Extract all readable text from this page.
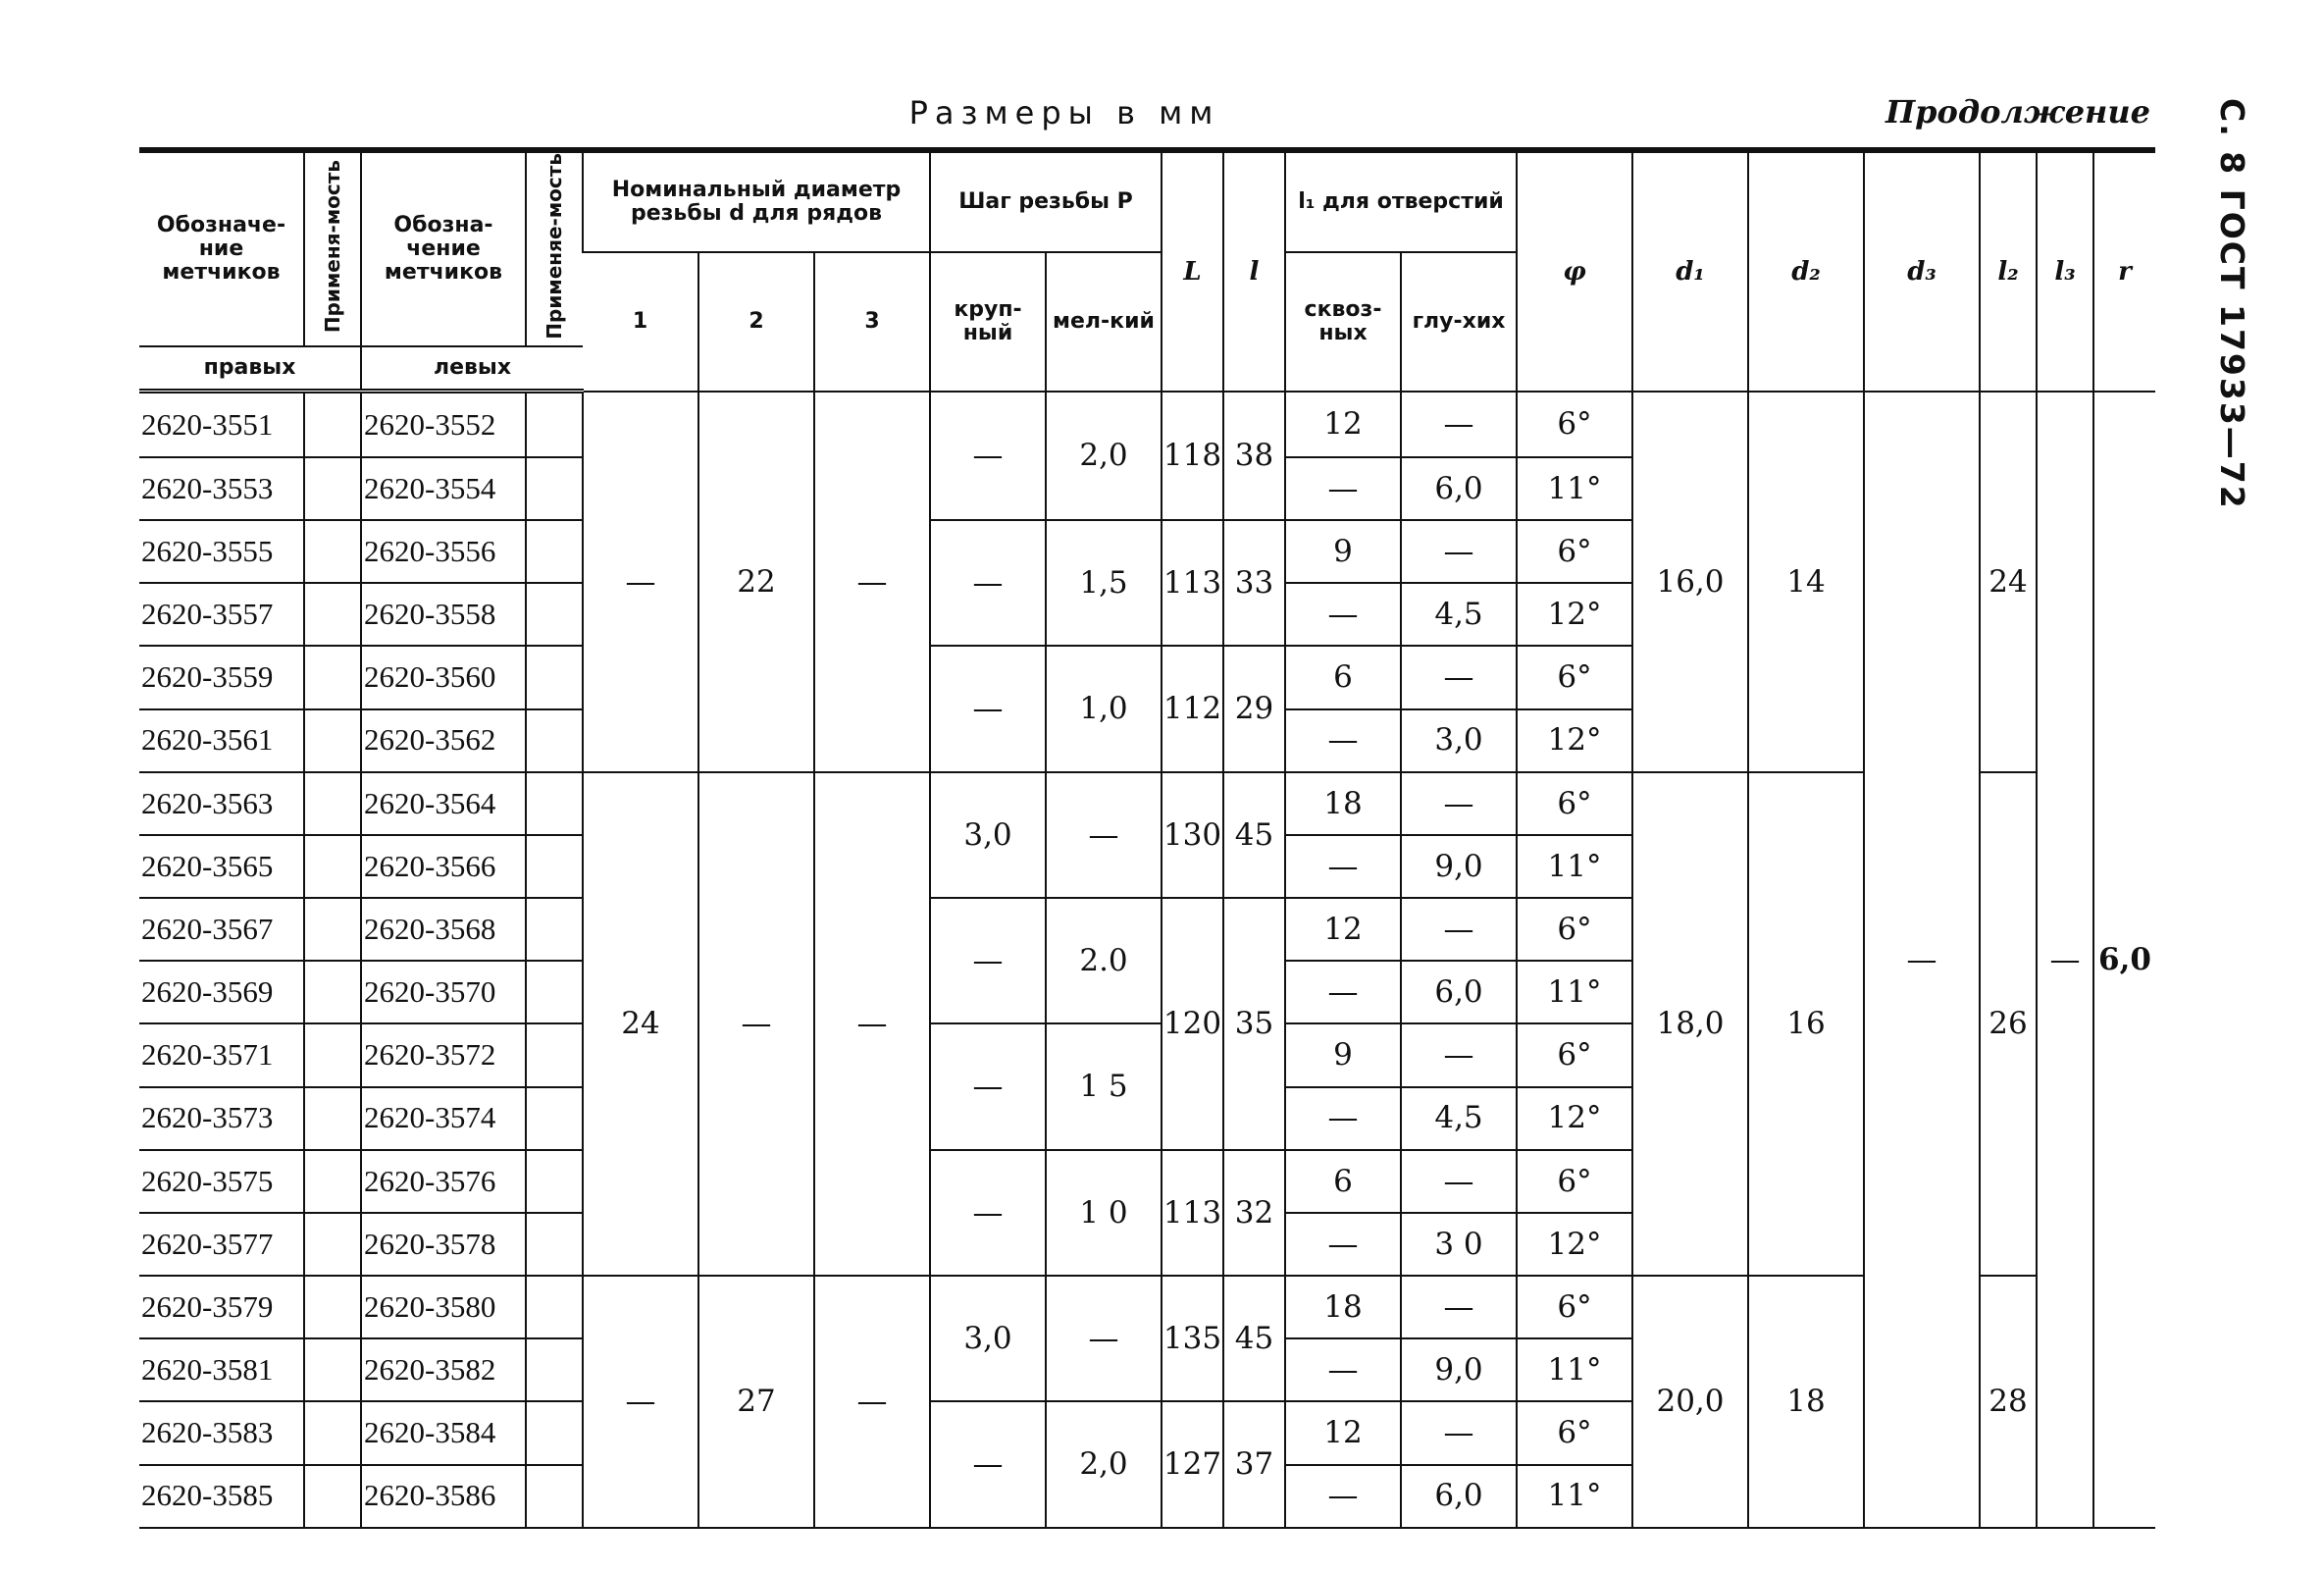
Размеры в мм	Продолжение С. 8 ГОСТ 17933—72
Обозначе-ние метчиков	Применя-мость	Обозна-чение метчиков	Применяе-мость	Номинальный диаметр резьбы d для рядов			Шаг резьбы P		L	l	l₁ для отверстий		φ	d₁	d₂	d₃	l₂	l₃	r
				1	2	3	круп-ный	мел-кий			сквоз-ных	глу-хих							
правых		левых																	
2620-3551		2620-3552		—	22	—	—	2,0	118	38	12	—	6°	16,0	14	—	24	—	6,0
2620-3553		2620-3554									—	6,0	11°						
2620-3555		2620-3556					—	1,5	113	33	9	—	6°						
2620-3557		2620-3558									—	4,5	12°						
2620-3559		2620-3560					—	1,0	112	29	6	—	6°						
2620-3561		2620-3562									—	3,0	12°						
2620-3563		2620-3564		24	—	—	3,0	—	130	45	18	—	6°	18,0	16		26		
2620-3565		2620-3566									—	9,0	11°						
2620-3567		2620-3568					—	2.0	120	35	12	—	6°						
2620-3569		2620-3570									—	6,0	11°						
2620-3571		2620-3572					—	1 5			9	—	6°						
2620-3573		2620-3574									—	4,5	12°						
2620-3575		2620-3576					—	1 0	113	32	6	—	6°						
2620-3577		2620-3578									—	3 0	12°						
2620-3579		2620-3580		—	27	—	3,0	—	135	45	18	—	6°	20,0	18		28		
2620-3581		2620-3582									—	9,0	11°						
2620-3583		2620-3584					—	2,0	127	37	12	—	6°						
2620-3585		2620-3586									—	6,0	11°						
